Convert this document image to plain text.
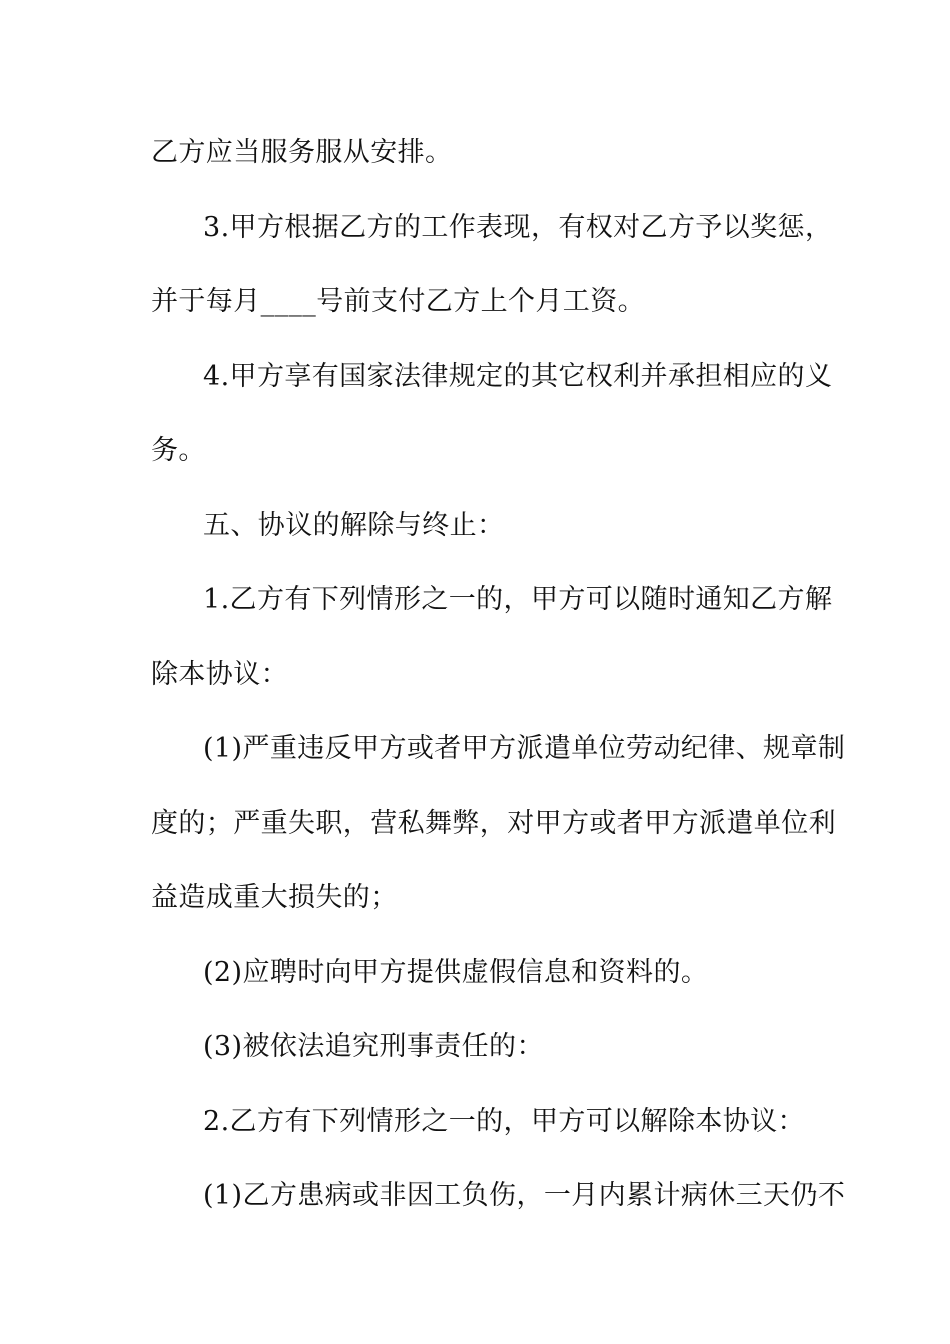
乙方应当服务服从安排。
3.甲方根据乙方的工作表现，有权对乙方予以奖惩，
并于每月____号前支付乙方上个月工资。
4.甲方享有国家法律规定的其它权利并承担相应的义
务。
五、协议的解除与终止：
1.乙方有下列情形之一的，甲方可以随时通知乙方解
除本协议：
(1)严重违反甲方或者甲方派遣单位劳动纪律、规章制
度的；严重失职，营私舞弊，对甲方或者甲方派遣单位利
益造成重大损失的；
(2)应聘时向甲方提供虚假信息和资料的。
(3)被依法追究刑事责任的：
2.乙方有下列情形之一的，甲方可以解除本协议：
(1)乙方患病或非因工负伤，一月内累计病休三天仍不
